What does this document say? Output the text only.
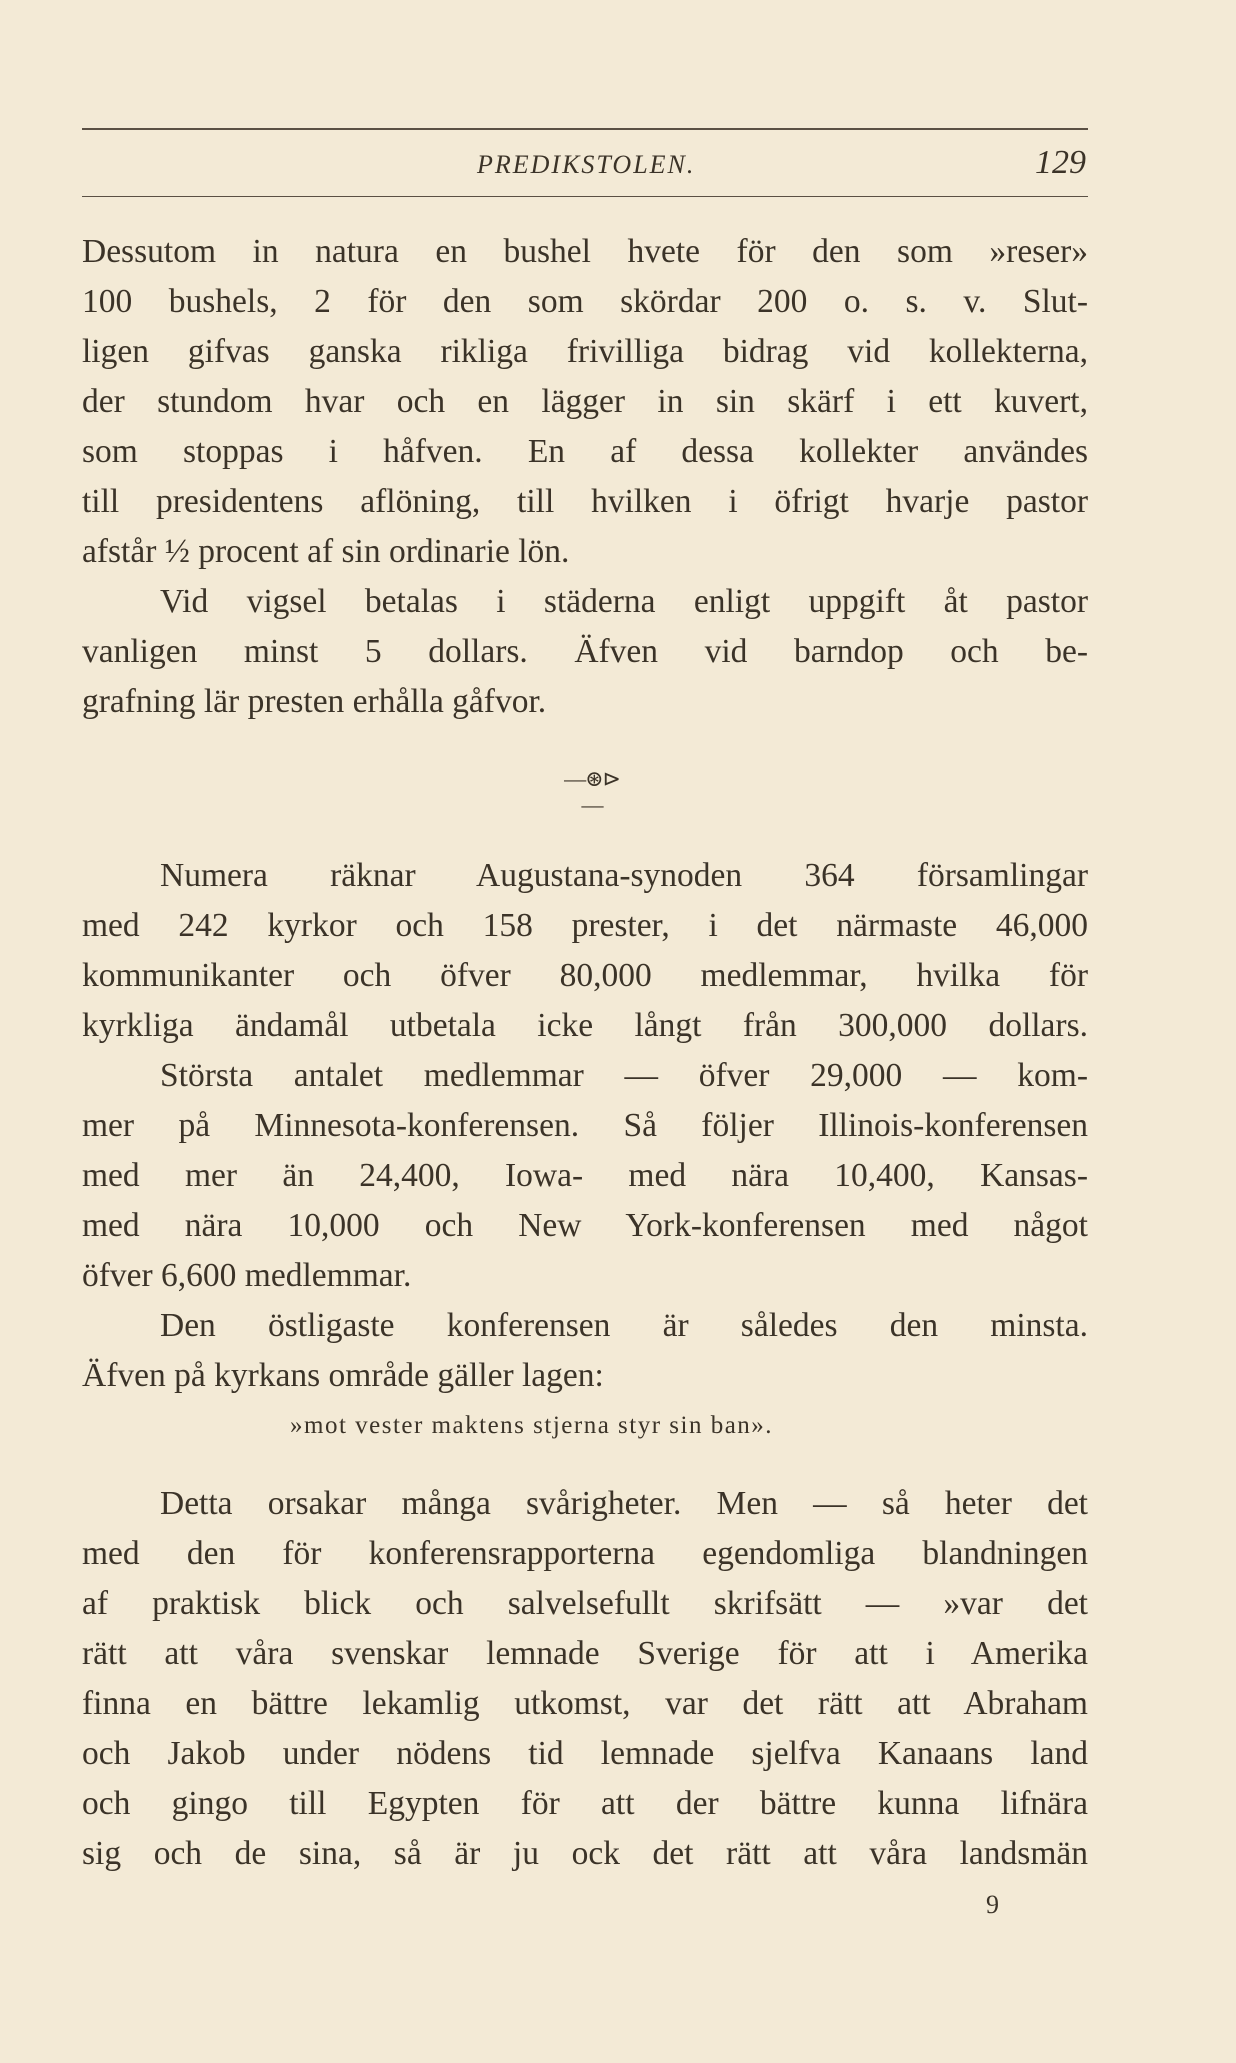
PREDIKSTOLEN.	129
Dessutom in natura en bushel hvete för den som »reser»
100 bushels, 2 för den som skördar 200 o. s. v. Slut-
ligen gifvas ganska rikliga frivilliga bidrag vid kollekterna,
der stundom hvar och en lägger in sin skärf i ett kuvert,
som stoppas i håfven. En af dessa kollekter användes
till presidentens aflöning, till hvilken i öfrigt hvarje pastor
afstår ½ procent af sin ordinarie lön.
Vid vigsel betalas i städerna enligt uppgift åt pastor
vanligen minst 5 dollars. Äfven vid barndop och be-
grafning lär presten erhålla gåfvor.
—⊛⊳—
Numera räknar Augustana-synoden 364 församlingar
med 242 kyrkor och 158 prester, i det närmaste 46,000
kommunikanter och öfver 80,000 medlemmar, hvilka för
kyrkliga ändamål utbetala icke långt från 300,000 dollars.
Största antalet medlemmar — öfver 29,000 — kom-
mer på Minnesota-konferensen. Så följer Illinois-konferensen
med mer än 24,400, Iowa- med nära 10,400, Kansas-
med nära 10,000 och New York-konferensen med något
öfver 6,600 medlemmar.
Den östligaste konferensen är således den minsta.
Äfven på kyrkans område gäller lagen:
»mot vester maktens stjerna styr sin ban».
Detta orsakar många svårigheter. Men — så heter det
med den för konferensrapporterna egendomliga blandningen
af praktisk blick och salvelsefullt skrifsätt — »var det
rätt att våra svenskar lemnade Sverige för att i Amerika
finna en bättre lekamlig utkomst, var det rätt att Abraham
och Jakob under nödens tid lemnade sjelfva Kanaans land
och gingo till Egypten för att der bättre kunna lifnära
sig och de sina, så är ju ock det rätt att våra landsmän
9
